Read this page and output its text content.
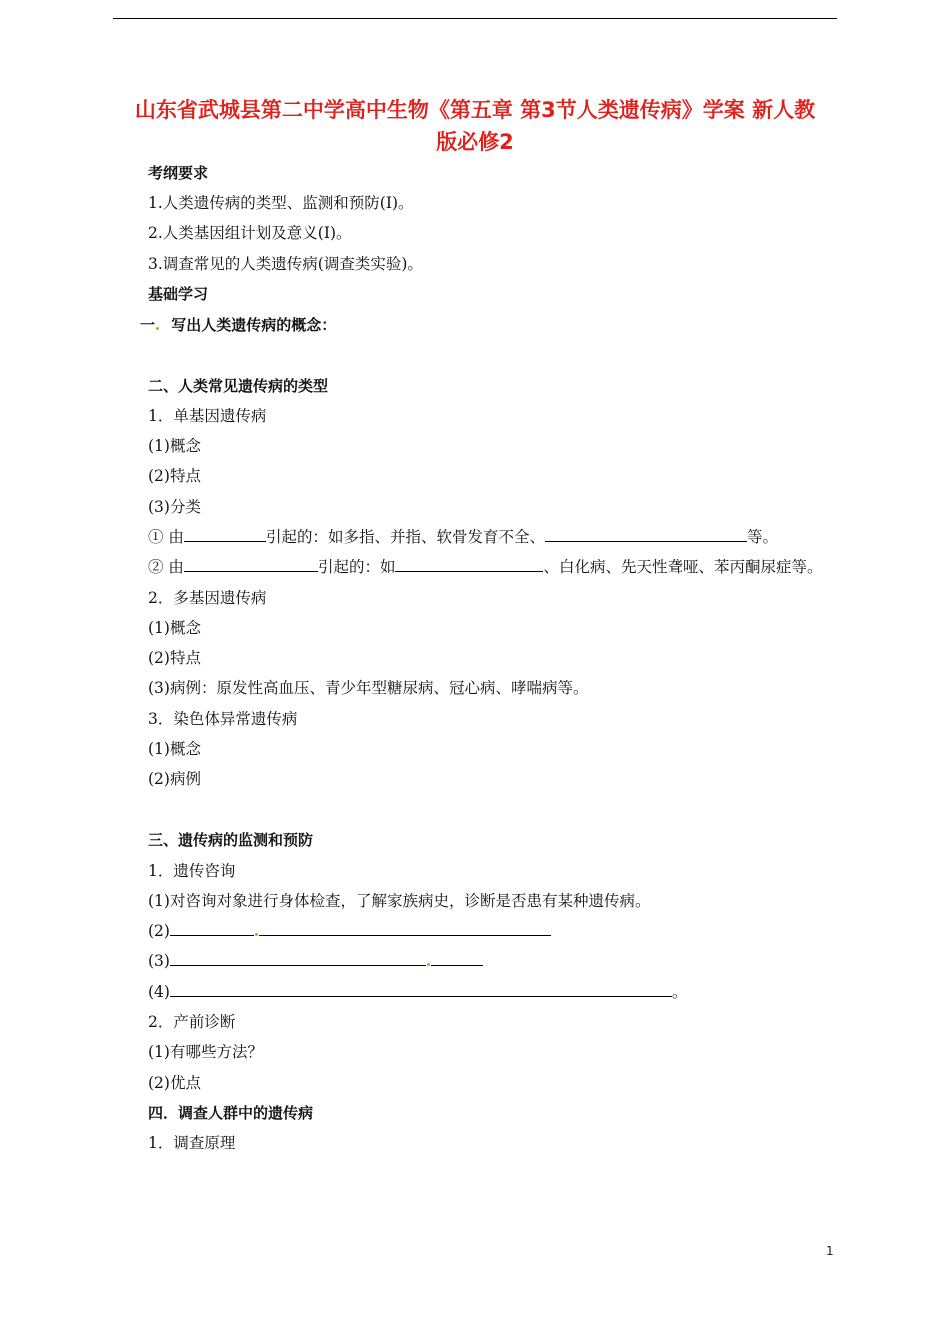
山东省武城县第二中学高中生物《第五章 第3节人类遗传病》学案 新人教
版必修2
考纲要求
1.人类遗传病的类型、监测和预防(Ⅰ)。
2.人类基因组计划及意义(Ⅰ)。
3.调查常见的人类遗传病(调查类实验)。
基础学习
一 写出人类遗传病的概念：
二、人类常见遗传病的类型
1．单基因遗传病
(1)概念
(2)特点
(3)分类
① 由	引起的：如多指、并指、软骨发育不全、	等。
② 由	引起的：如	、白化病、先天性聋哑、苯丙酮尿症等。
2．多基因遗传病
(1)概念
(2)特点
(3)病例：原发性高血压、青少年型糖尿病、冠心病、哮喘病等。
3．染色体异常遗传病
(1)概念
(2)病例
三、遗传病的监测和预防
1．遗传咨询
(1)对咨询对象进行身体检查，了解家族病史，诊断是否患有某种遗传病。
(2)
(3)
(4)	。
2．产前诊断
(1)有哪些方法？
(2)优点
四．调查人群中的遗传病
1．调查原理
1
